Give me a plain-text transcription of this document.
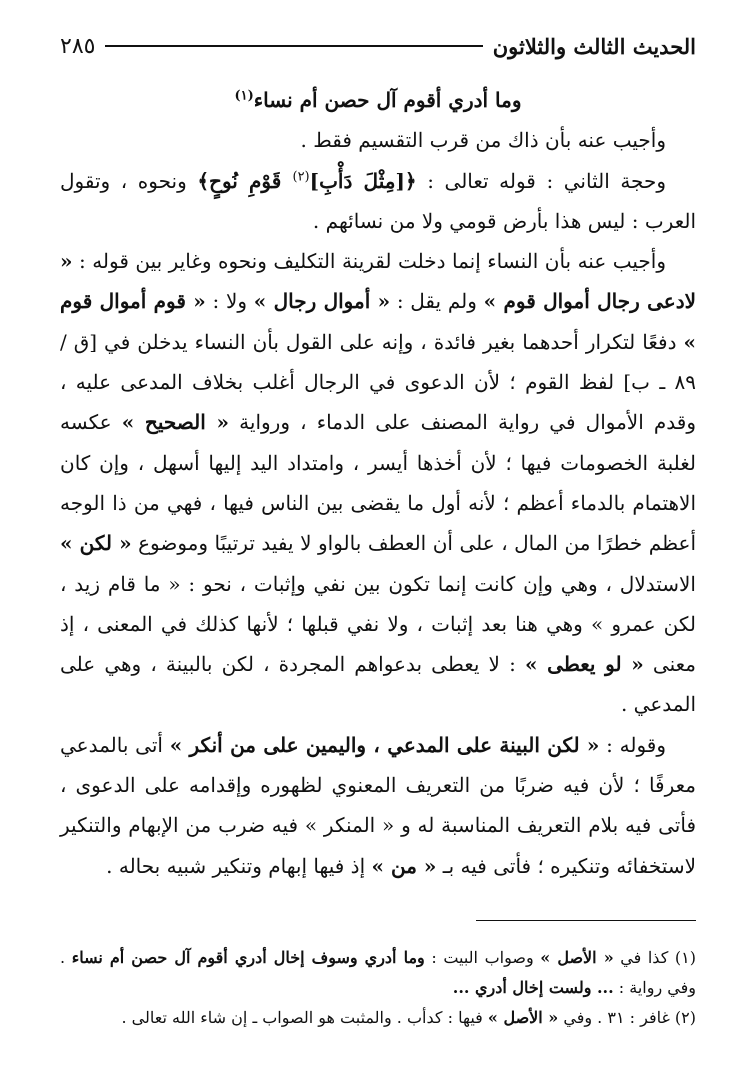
الحديث الثالث والثلاثون
٢٨٥

وما أدري أقوم آل حصن أم نساء$^{(١)}$

وأجيب عنه بأن ذاك من قرب التقسيم فقط .

وحجة الثاني : قوله تعالى : ﴿[مِثْلَ دَأْبِ]$^{(٢)}$ قَوْمِ نُوحٍ﴾ ونحوه ، وتقول العرب : ليس هذا بأرض قومي ولا من نسائهم .

وأجيب عنه بأن النساء إنما دخلت لقرينة التكليف ونحوه وغاير بين قوله : « لادعى رجال أموال قوم » ولم يقل : « أموال رجال » ولا : « قوم أموال قوم » دفعًا لتكرار أحدهما بغير فائدة ، وإنه على القول بأن النساء يدخلن في [ق / ٨٩ ـ ب] لفظ القوم ؛ لأن الدعوى في الرجال أغلب بخلاف المدعى عليه ، وقدم الأموال في رواية المصنف على الدماء ، ورواية « الصحيح » عكسه لغلبة الخصومات فيها ؛ لأن أخذها أيسر ، وامتداد اليد إليها أسهل ، وإن كان الاهتمام بالدماء أعظم ؛ لأنه أول ما يقضى بين الناس فيها ، فهي من ذا الوجه أعظم خطرًا من المال ، على أن العطف بالواو لا يفيد ترتيبًا وموضوع « لكن » الاستدلال ، وهي وإن كانت إنما تكون بين نفي وإثبات ، نحو : « ما قام زيد ، لكن عمرو » وهي هنا بعد إثبات ، ولا نفي قبلها ؛ لأنها كذلك في المعنى ، إذ معنى « لو يعطى » : لا يعطى بدعواهم المجردة ، لكن بالبينة ، وهي على المدعي .

وقوله : « لكن البينة على المدعي ، واليمين على من أنكر » أتى بالمدعي معرفًا ؛ لأن فيه ضربًا من التعريف المعنوي لظهوره وإقدامه على الدعوى ، فأتى فيه بلام التعريف المناسبة له و « المنكر » فيه ضرب من الإبهام والتنكير لاستخفائه وتنكيره ؛ فأتى فيه بـ « من » إذ فيها إبهام وتنكير شبيه بحاله .

(١) كذا في « الأصل » وصواب البيت : وما أدري وسوف إخال أدري أقوم آل حصن أم نساء . وفي رواية : ... ولست إخال أدري ...

(٢) غافر : ٣١ . وفي « الأصل » فيها : كدأب . والمثبت هو الصواب ـ إن شاء الله تعالى .
